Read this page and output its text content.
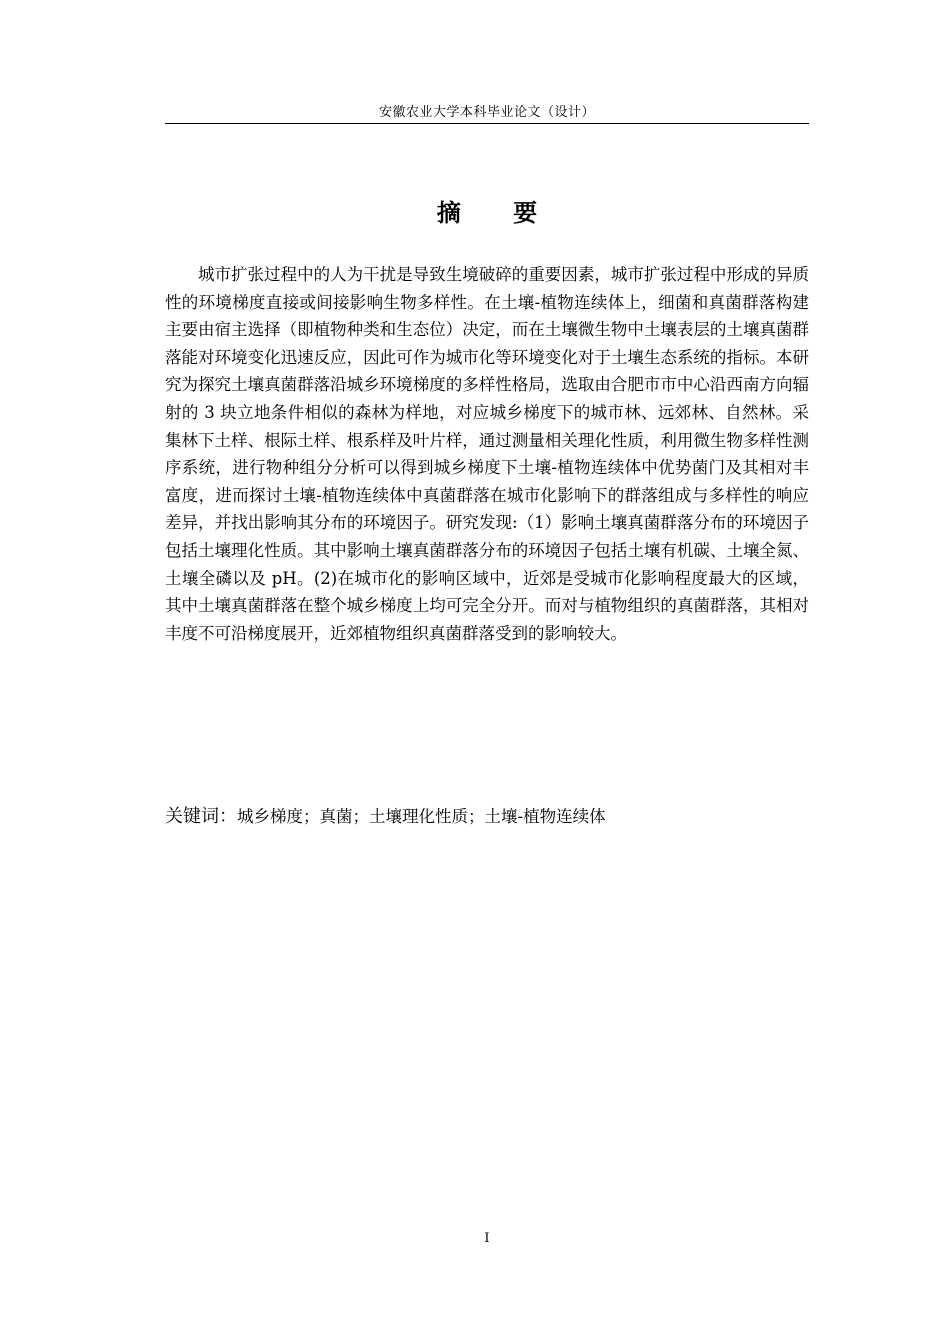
安徽农业大学本科毕业论文（设计）
摘 要

城市扩张过程中的人为干扰是导致生境破碎的重要因素，城市扩张过程中形成的异质性的环境梯度直接或间接影响生物多样性。在土壤-植物连续体上，细菌和真菌群落构建主要由宿主选择（即植物种类和生态位）决定，而在土壤微生物中土壤表层的土壤真菌群落能对环境变化迅速反应，因此可作为城市化等环境变化对于土壤生态系统的指标。本研究为探究土壤真菌群落沿城乡环境梯度的多样性格局，选取由合肥市市中心沿西南方向辐射的 3 块立地条件相似的森林为样地，对应城乡梯度下的城市林、远郊林、自然林。采集林下土样、根际土样、根系样及叶片样，通过测量相关理化性质，利用微生物多样性测序系统，进行物种组分分析可以得到城乡梯度下土壤-植物连续体中优势菌门及其相对丰富度，进而探讨土壤-植物连续体中真菌群落在城市化影响下的群落组成与多样性的响应差异，并找出影响其分布的环境因子。研究发现:（1）影响土壤真菌群落分布的环境因子包括土壤理化性质。其中影响土壤真菌群落分布的环境因子包括土壤有机碳、土壤全氮、土壤全磷以及 pH。(2)在城市化的影响区域中，近郊是受城市化影响程度最大的区域，其中土壤真菌群落在整个城乡梯度上均可完全分开。而对与植物组织的真菌群落，其相对丰度不可沿梯度展开，近郊植物组织真菌群落受到的影响较大。

关键词：城乡梯度；真菌；土壤理化性质；土壤-植物连续体
I
